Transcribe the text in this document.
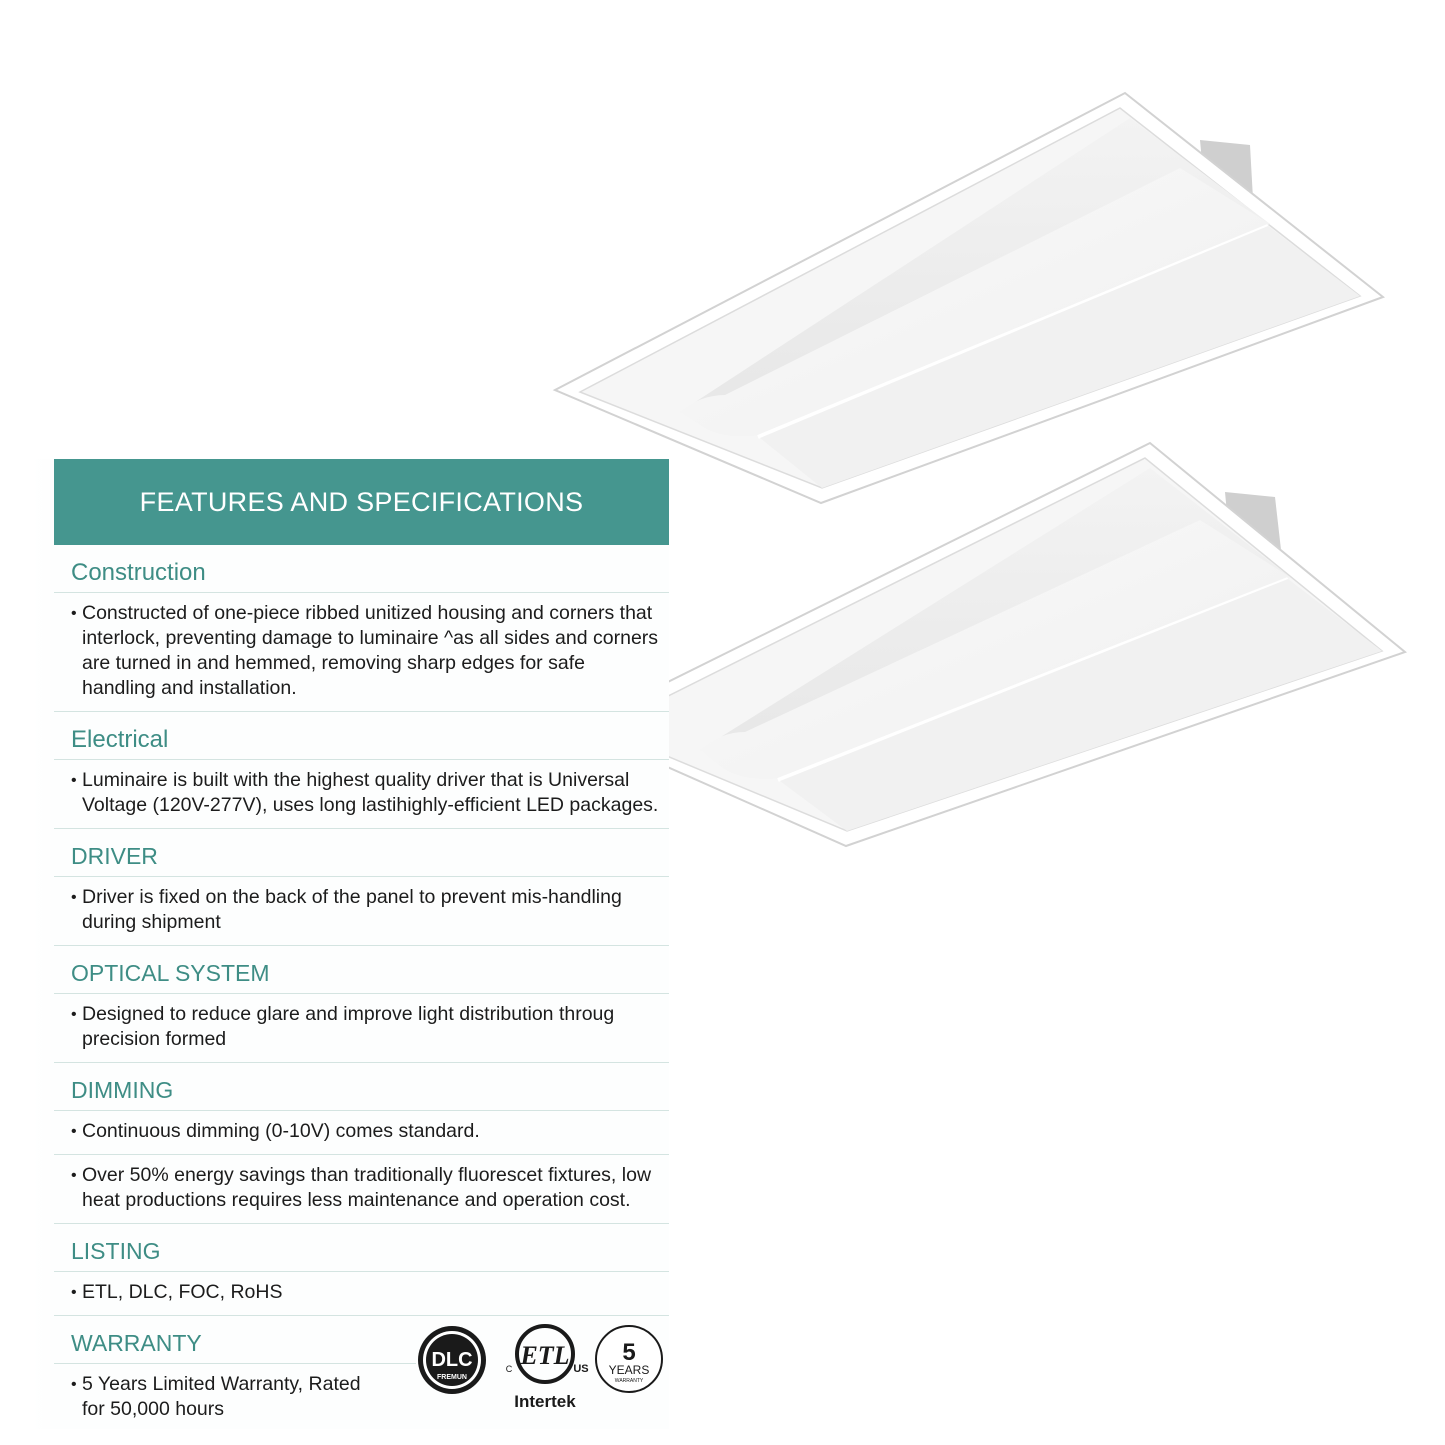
FEATURES AND SPECIFICATIONS
Construction
• Constructed of one-piece ribbed unitized housing and corners that interlock, preventing damage to luminaire ^as all sides and corners are turned in and hemmed, removing sharp edges for safe handling and installation.
Electrical
• Luminaire is built with the highest quality driver that is Universal Voltage (120V-277V), uses long lastihighly-efficient LED packages.
DRIVER
• Driver is fixed on the back of the panel to prevent mis-handling during shipment
OPTICAL SYSTEM
• Designed to reduce glare and improve light distribution throug precision formed
DIMMING
• Continuous dimming (0-10V) comes standard.
• Over 50% energy savings than traditionally fluorescet fixtures, low heat productions requires less maintenance and operation cost.
LISTING
• ETL, DLC, FOC, RoHS
WARRANTY
• 5 Years Limited Warranty, Rated for 50,000 hours
DLC
FREMUN
ETL
C	US
Intertek
5
YEARS
WARRANTY
